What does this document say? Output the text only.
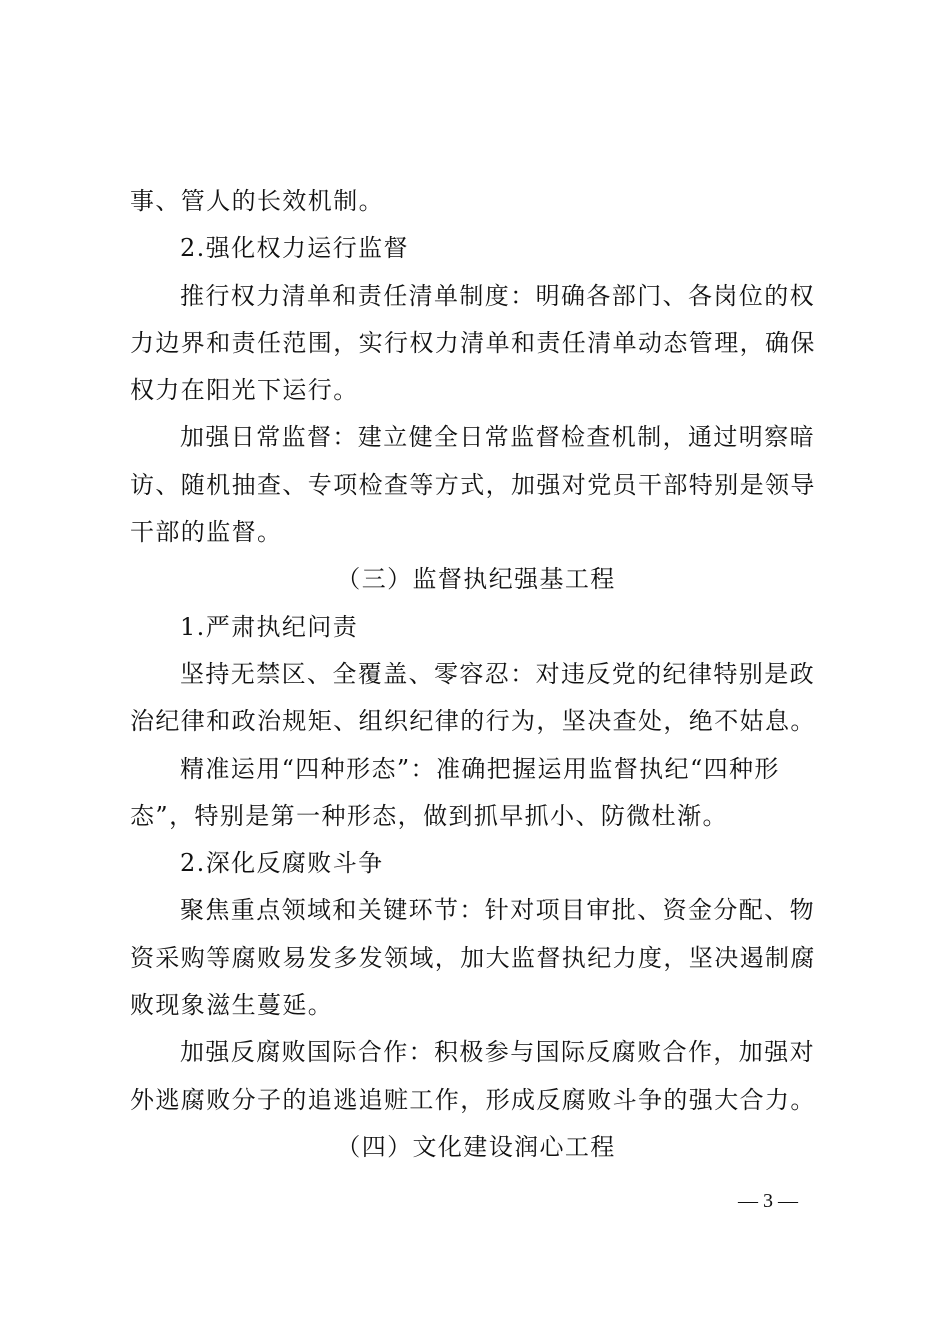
事、管人的长效机制。
2.强化权力运行监督
推行权力清单和责任清单制度：明确各部门、各岗位的权
力边界和责任范围，实行权力清单和责任清单动态管理，确保
权力在阳光下运行。
加强日常监督：建立健全日常监督检查机制，通过明察暗
访、随机抽查、专项检查等方式，加强对党员干部特别是领导
干部的监督。
（三）监督执纪强基工程
1.严肃执纪问责
坚持无禁区、全覆盖、零容忍：对违反党的纪律特别是政
治纪律和政治规矩、组织纪律的行为，坚决查处，绝不姑息。
精准运用“四种形态”：准确把握运用监督执纪“四种形
态”，特别是第一种形态，做到抓早抓小、防微杜渐。
2.深化反腐败斗争
聚焦重点领域和关键环节：针对项目审批、资金分配、物
资采购等腐败易发多发领域，加大监督执纪力度，坚决遏制腐
败现象滋生蔓延。
加强反腐败国际合作：积极参与国际反腐败合作，加强对
外逃腐败分子的追逃追赃工作，形成反腐败斗争的强大合力。
（四）文化建设润心工程
— 3 —
